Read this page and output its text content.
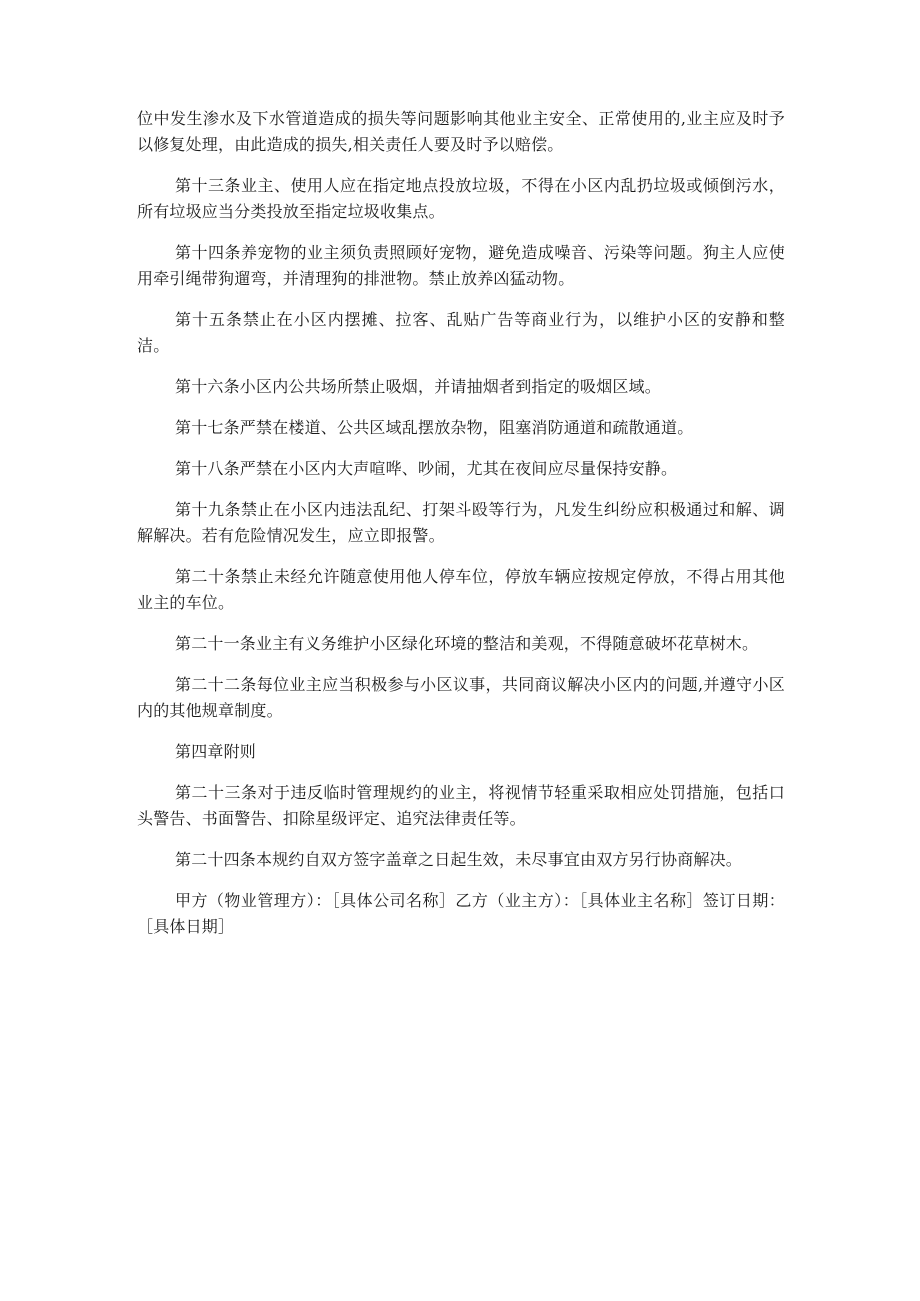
位中发生渗水及下水管道造成的损失等问题影响其他业主安全、正常使用的,业主应及时予以修复处理，由此造成的损失,相关责任人要及时予以赔偿。

第十三条业主、使用人应在指定地点投放垃圾，不得在小区内乱扔垃圾或倾倒污水，所有垃圾应当分类投放至指定垃圾收集点。

第十四条养宠物的业主须负责照顾好宠物，避免造成噪音、污染等问题。狗主人应使用牵引绳带狗遛弯，并清理狗的排泄物。禁止放养凶猛动物。

第十五条禁止在小区内摆摊、拉客、乱贴广告等商业行为，以维护小区的安静和整洁。

第十六条小区内公共场所禁止吸烟，并请抽烟者到指定的吸烟区域。

第十七条严禁在楼道、公共区域乱摆放杂物，阻塞消防通道和疏散通道。

第十八条严禁在小区内大声喧哗、吵闹，尤其在夜间应尽量保持安静。

第十九条禁止在小区内违法乱纪、打架斗殴等行为，凡发生纠纷应积极通过和解、调解解决。若有危险情况发生，应立即报警。

第二十条禁止未经允许随意使用他人停车位，停放车辆应按规定停放，不得占用其他业主的车位。

第二十一条业主有义务维护小区绿化环境的整洁和美观，不得随意破坏花草树木。

第二十二条每位业主应当积极参与小区议事，共同商议解决小区内的问题,并遵守小区内的其他规章制度。

第四章附则

第二十三条对于违反临时管理规约的业主，将视情节轻重采取相应处罚措施，包括口头警告、书面警告、扣除星级评定、追究法律责任等。

第二十四条本规约自双方签字盖章之日起生效，未尽事宜由双方另行协商解决。

甲方（物业管理方）：［具体公司名称］乙方（业主方）：［具体业主名称］签订日期：［具体日期］
